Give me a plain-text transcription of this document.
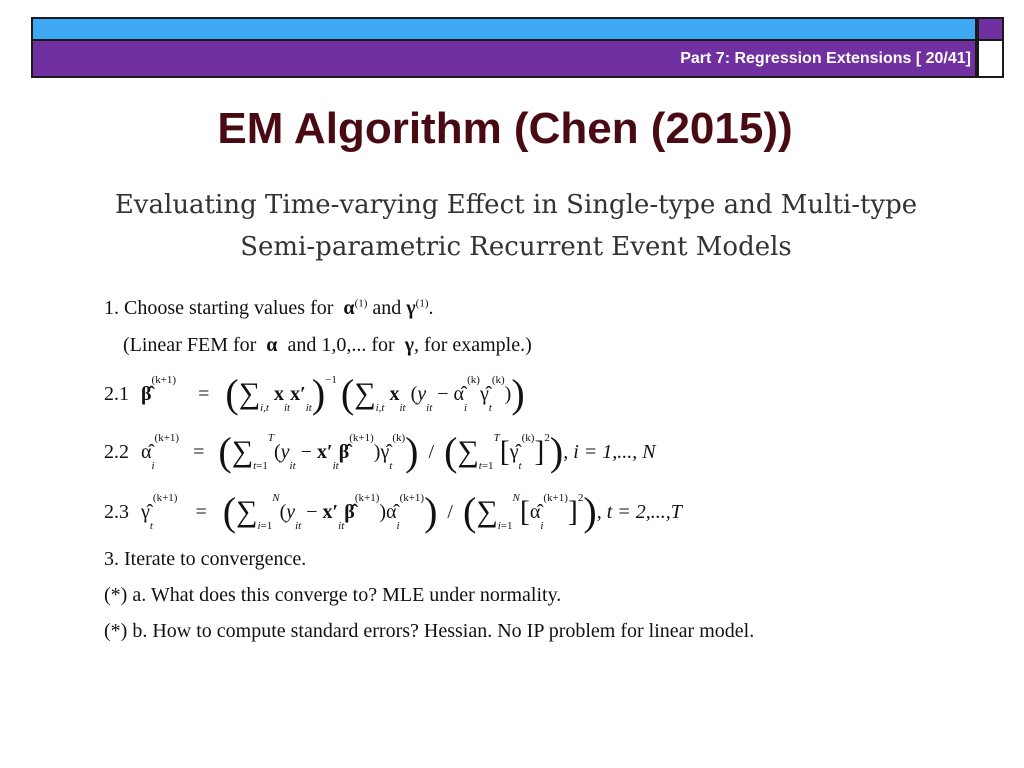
Part 7: Regression Extensions [ 20/41]
EM Algorithm (Chen (2015))
Evaluating Time-varying Effect in Single-type and Multi-type
Semi-parametric Recurrent Event Models
1. Choose starting values for  $\alpha^{(1)}$ and $\gamma^{(1)}$.
(Linear FEM for  α  and 1,0,... for  γ, for example.)
2.1 β̂
$^{(k+1)}$
= ( $\sum_{i,t}$
x
$_{it}$
x′
$_{it}$ )$^{-1}$ ( $\sum_{i,t}$
x
$_{it}$
(y
$_{it}$
− α̂
$_i$
(k)
γ̂
$_t$
(k)
) )
2.2 α̂
$_i$
(k+1)
= ( ∑ $_{t=1}$
T
(y
$_{it}$
− x′
$_{it}$
β̂
$^{(k+1)}$
)γ̂
$_t$
(k) ) / ( ∑ $_{t=1}$
T [ γ̂
$_t$
(k) ]$^2$ ) , i = 1,..., N
2.3 γ̂
$_t$
(k+1)
= ( ∑ $_{i=1}$
N
(y
$_{it}$
− x′
$_{it}$
β̂
$^{(k+1)}$
)α̂
$_i$
(k+1) ) / ( ∑ $_{i=1}$
N [ α̂
$_i$
(k+1) ]$^2$ ) , t = 2,...,T
3. Iterate to convergence.
(*) a. What does this converge to? MLE under normality.
(*) b. How to compute standard errors? Hessian. No IP problem for linear model.
